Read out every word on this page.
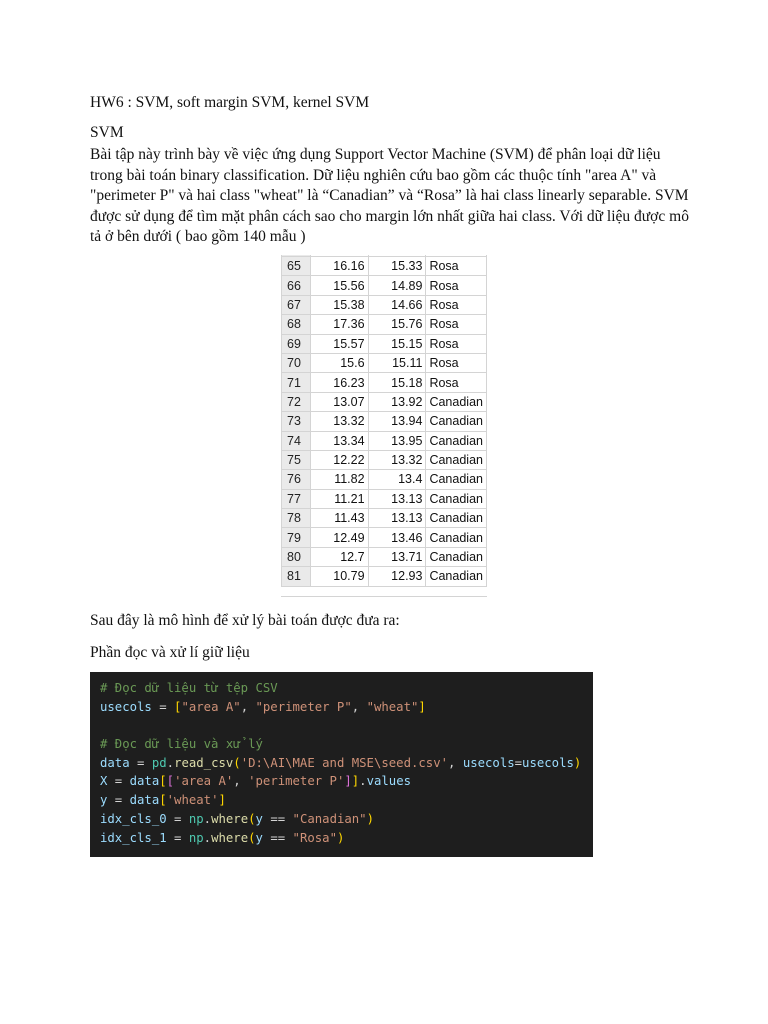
HW6 : SVM, soft margin SVM, kernel SVM
SVM
Bài tập này trình bày về việc ứng dụng Support Vector Machine (SVM) để phân loại dữ liệu trong bài toán binary classification. Dữ liệu nghiên cứu bao gồm các thuộc tính "area A" và "perimeter P" và hai class "wheat" là “Canadian” và “Rosa” là hai class linearly separable. SVM được sử dụng để tìm mặt phân cách sao cho margin lớn nhất giữa hai class. Với dữ liệu được mô tả ở bên dưới ( bao gồm 140 mẫu )

65	16.16	15.33	Rosa
66	15.56	14.89	Rosa
67	15.38	14.66	Rosa
68	17.36	15.76	Rosa
69	15.57	15.15	Rosa
70	15.6	15.11	Rosa
71	16.23	15.18	Rosa
72	13.07	13.92	Canadian
73	13.32	13.94	Canadian
74	13.34	13.95	Canadian
75	12.22	13.32	Canadian
76	11.82	13.4	Canadian
77	11.21	13.13	Canadian
78	11.43	13.13	Canadian
79	12.49	13.46	Canadian
80	12.7	13.71	Canadian
81	10.79	12.93	Canadian
Sau đây là mô hình để xử lý bài toán được đưa ra:
Phần đọc và xử lí giữ liệu
# Đọc dữ liệu từ tệp CSV
usecols = ["area A", "perimeter P", "wheat"]

# Đọc dữ liệu và xử lý
data = pd.read_csv('D:\AI\MAE and MSE\seed.csv', usecols=usecols)
X = data[['area A', 'perimeter P']].values
y = data['wheat']
idx_cls_0 = np.where(y == "Canadian")
idx_cls_1 = np.where(y == "Rosa")
